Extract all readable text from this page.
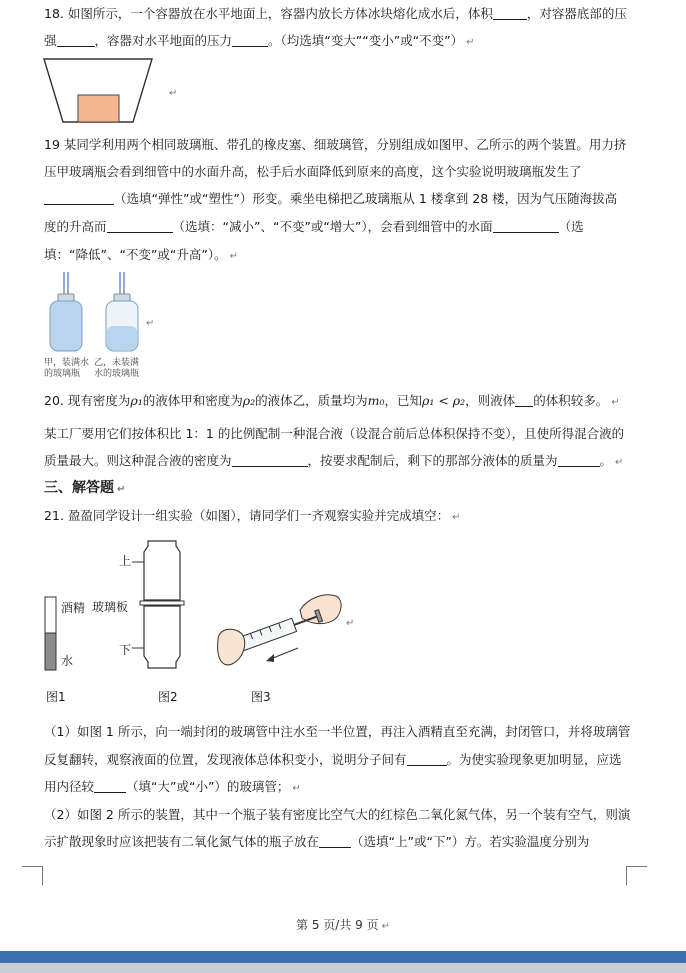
18. 如图所示，一个容器放在水平地面上，容器内放长方体冰块熔化成水后，体积	，对容器底部的压
强	，容器对水平地面的压力	。（均选填“变大”“变小”或“不变”） ↵
↵
19 某同学利用两个相同玻璃瓶、带孔的橡皮塞、细玻璃管，分别组成如图甲、乙所示的两个装置。用力挤
压甲玻璃瓶会看到细管中的水面升高，松手后水面降低到原来的高度，这个实验说明玻璃瓶发生了
（选填“弹性”或“塑性”）形变。乘坐电梯把乙玻璃瓶从 1 楼拿到 28 楼，因为气压随海拔高
度的升高而	（选填：“减小”、“不变”或“增大”），会看到细管中的水面	（选
填：“降低”、“不变”或“升高”）。 ↵
↵
甲，装满水
的玻璃瓶
乙，未装满
水的玻璃瓶
20. 现有密度为ρ₁的液体甲和密度为ρ₂的液体乙，质量均为m₀，已知ρ₁ < ρ₂，则液体 的体积较多。 ↵
某工厂要用它们按体积比 1：1 的比例配制一种混合液（设混合前后总体积保持不变），且使所得混合液的
质量最大。则这种混合液的密度为	，按要求配制后，剩下的那部分液体的质量为	。 ↵
三、解答题 ↵
21. 盈盈同学设计一组实验（如图），请同学们一齐观察实验并完成填空： ↵
酒精
水
上
玻璃板
下
↵
图1	图2	图3
（1）如图 1 所示，向一端封闭的玻璃管中注水至一半位置，再注入酒精直至充满，封闭管口，并将玻璃管
反复翻转，观察液面的位置，发现液体总体积变小，说明分子间有	。为使实验现象更加明显，应选
用内径较	（填“大”或“小”）的玻璃管； ↵
（2）如图 2 所示的装置，其中一个瓶子装有密度比空气大的红棕色二氧化氮气体，另一个装有空气，则演
示扩散现象时应该把装有二氧化氮气体的瓶子放在	（选填“上”或“下”）方。若实验温度分别为
第 5 页/共 9 页 ↵
